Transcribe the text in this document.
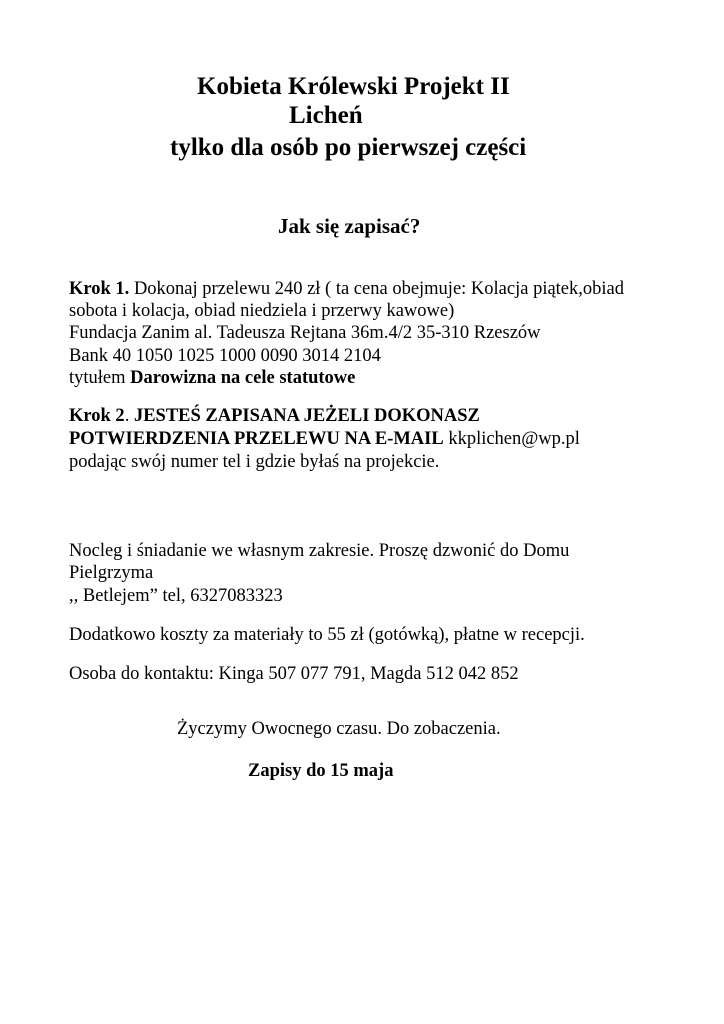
Kobieta Królewski Projekt II
Licheń
tylko dla osób po pierwszej części
Jak się zapisać?
Krok 1. Dokonaj przelewu 240 zł ( ta cena obejmuje: Kolacja piątek,obiad
sobota i kolacja, obiad niedziela i przerwy kawowe)
Fundacja Zanim al. Tadeusza Rejtana 36m.4/2 35-310 Rzeszów
Bank 40 1050 1025 1000 0090 3014 2104
tytułem Darowizna na cele statutowe
Krok 2. JESTEŚ ZAPISANA JEŻELI DOKONASZ
POTWIERDZENIA PRZELEWU NA E-MAIL kkplichen@wp.pl
podając swój numer tel i gdzie byłaś na projekcie.
Nocleg i śniadanie we własnym zakresie. Proszę dzwonić do Domu
Pielgrzyma
,, Betlejem” tel, 6327083323
Dodatkowo koszty za materiały to 55 zł (gotówką), płatne w recepcji.
Osoba do kontaktu: Kinga 507 077 791, Magda 512 042 852
Życzymy Owocnego czasu. Do zobaczenia.
Zapisy do 15 maja
